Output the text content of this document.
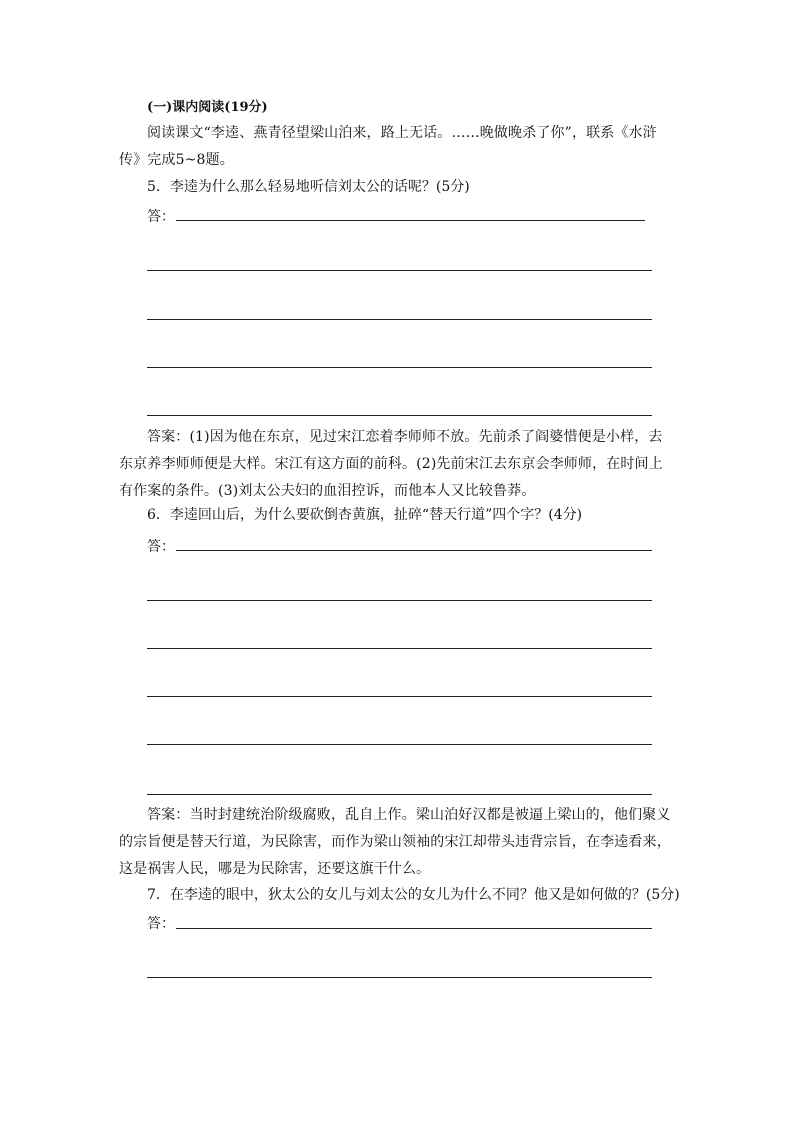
(一)课内阅读(19分)
阅读课文“李逵、燕青径望梁山泊来，路上无话。……晚做晚杀了你”，联系《水浒传》完成5~8题。
5．李逵为什么那么轻易地听信刘太公的话呢？(5分)
答：
答案：(1)因为他在东京，见过宋江恋着李师师不放。先前杀了阎婆惜便是小样，去东京养李师师便是大样。宋江有这方面的前科。(2)先前宋江去东京会李师师，在时间上有作案的条件。(3)刘太公夫妇的血泪控诉，而他本人又比较鲁莽。
6．李逵回山后，为什么要砍倒杏黄旗，扯碎“替天行道”四个字？(4分)
答：
答案：当时封建统治阶级腐败，乱自上作。梁山泊好汉都是被逼上梁山的，他们聚义的宗旨便是替天行道，为民除害，而作为梁山领袖的宋江却带头违背宗旨，在李逵看来，这是祸害人民，哪是为民除害，还要这旗干什么。
7．在李逵的眼中，狄太公的女儿与刘太公的女儿为什么不同？他又是如何做的？(5分)
答：
